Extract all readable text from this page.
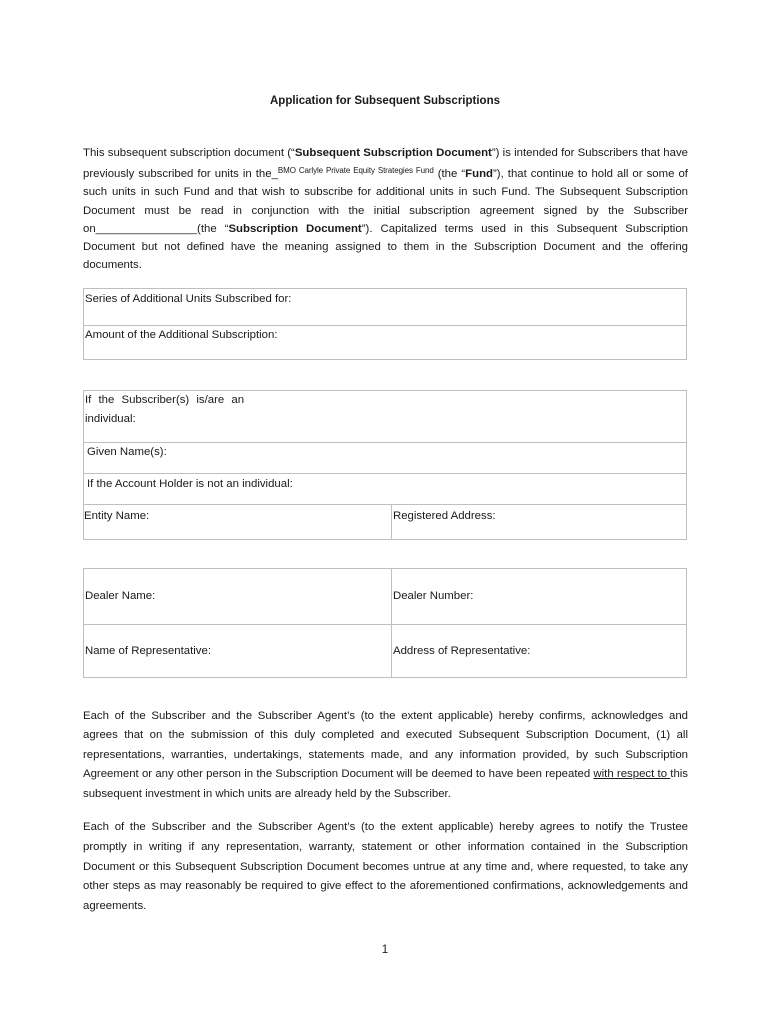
Application for Subsequent Subscriptions

This subsequent subscription document (“Subsequent Subscription Document”) is intended for Subscribers that have previously subscribed for units in the_$^{BMO Carlyle Private Equity Strategies Fund}$ (the “Fund”), that continue to hold all or some of such units in such Fund and that wish to subscribe for additional units in such Fund. The Subsequent Subscription Document must be read in conjunction with the initial subscription agreement signed by the Subscriber on________________(the “Subscription Document”). Capitalized terms used in this Subsequent Subscription Document but not defined have the meaning assigned to them in the Subscription Document and the offering documents.

Series of Additional Units Subscribed for:
Amount of the Additional Subscription:
If the Subscriber(s) is/are an
individual:
Given Name(s):
If the Account Holder is not an individual:
Entity Name:	Registered Address:
Dealer Name:	Dealer Number:
Name of Representative:	Address of Representative:

Each of the Subscriber and the Subscriber Agent’s (to the extent applicable) hereby confirms, acknowledges and agrees that on the submission of this duly completed and executed Subsequent Subscription Document, (1) all representations, warranties, undertakings, statements made, and any information provided, by such Subscription Agreement or any other person in the Subscription Document will be deemed to have been repeated with respect to this subsequent investment in which units are already held by the Subscriber.

Each of the Subscriber and the Subscriber Agent’s (to the extent applicable) hereby agrees to notify the Trustee promptly in writing if any representation, warranty, statement or other information contained in the Subscription Document or this Subsequent Subscription Document becomes untrue at any time and, where requested, to take any other steps as may reasonably be required to give effect to the aforementioned confirmations, acknowledgements and agreements.

1
